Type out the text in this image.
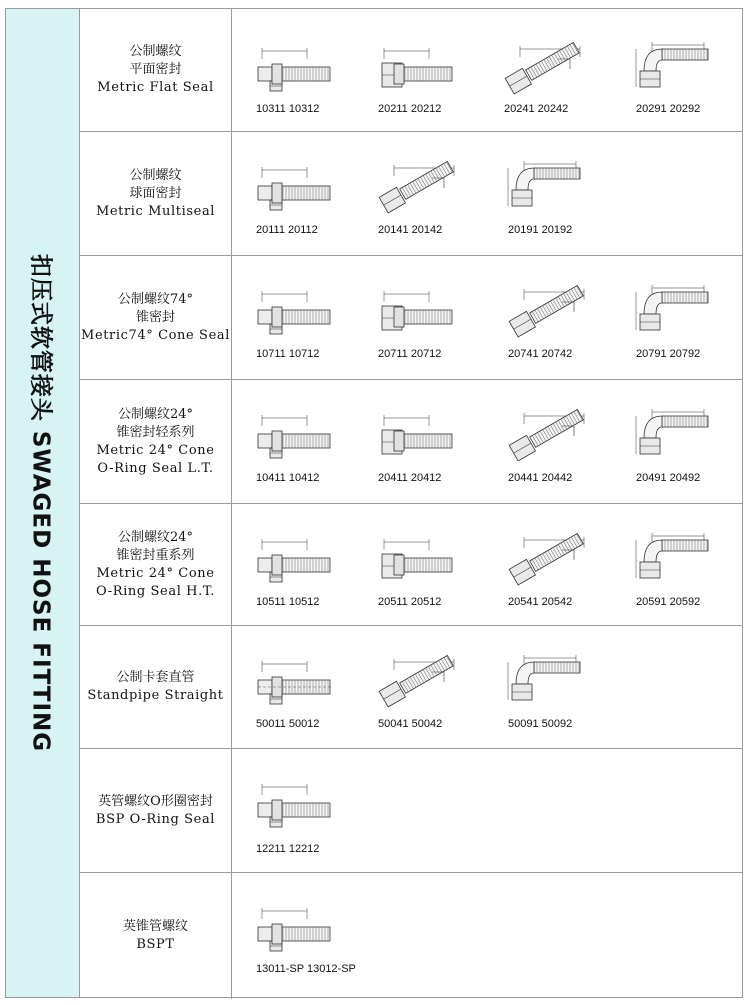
扣压式软管接头 SWAGED HOSE FITTING
公制螺纹
平面密封
Metric Flat Seal
10311 10312	20211 20212	20241 20242	20291 20292
公制螺纹
球面密封
Metric Multiseal
20111 20112	20141 20142	20191 20192
公制螺纹74°
锥密封
Metric74° Cone Seal
10711 10712	20711 20712	20741 20742	20791 20792
公制螺纹24°
锥密封轻系列
Metric 24° Cone
O-Ring Seal L.T.
10411 10412	20411 20412	20441 20442	20491 20492
公制螺纹24°
锥密封重系列
Metric 24° Cone
O-Ring Seal H.T.
10511 10512	20511 20512	20541 20542	20591 20592
公制卡套直管
Standpipe Straight
50011 50012	50041 50042	50091 50092
英管螺纹O形圈密封
BSP O-Ring Seal
12211 12212
英锥管螺纹
BSPT
13011-SP 13012-SP
